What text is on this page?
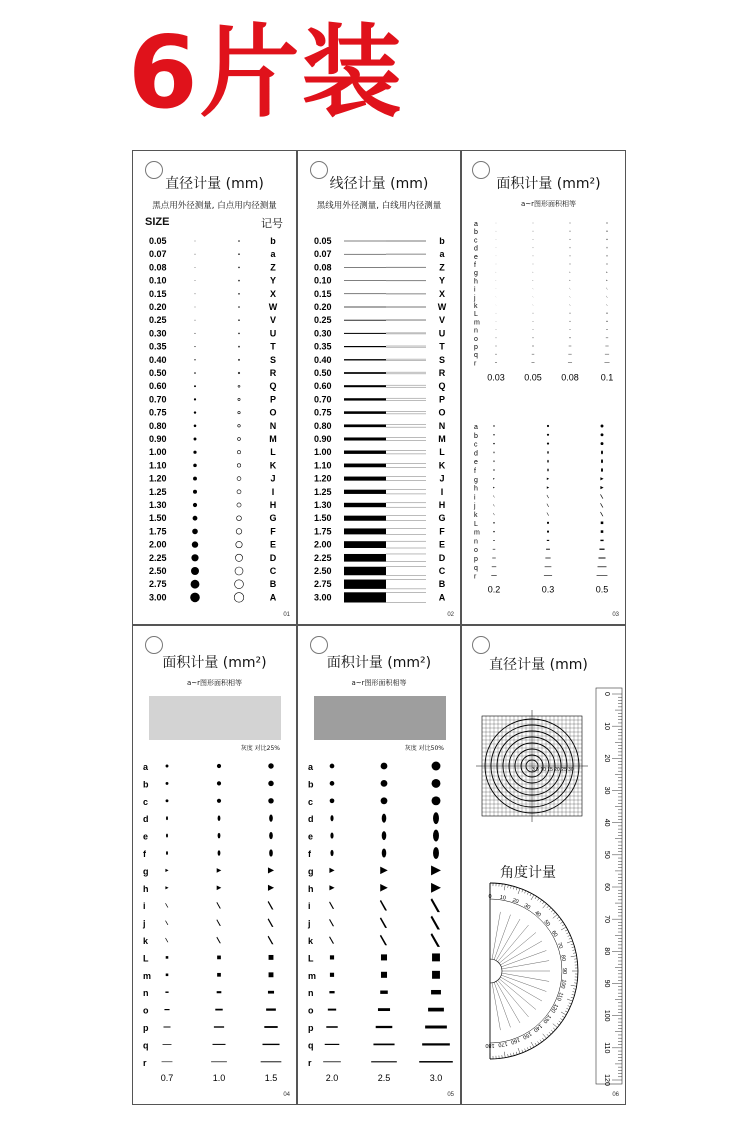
6片装
直径计量 (mm)
黑点用外径测量, 白点用内径测量
SIZE	记号
0.05	b
0.07	a
0.08	Z
0.10	Y
0.15	X
0.20	W
0.25	V
0.30	U
0.35	T
0.40	S
0.50	R
0.60	Q
0.70	P
0.75	O
0.80	N
0.90	M
1.00	L
1.10	K
1.20	J
1.25	I
1.30	H
1.50	G
1.75	F
2.00	E
2.25	D
2.50	C
2.75	B
3.00	A
01
线径计量 (mm)
黑线用外径测量, 白线用内径测量
0.05	b
0.07	a
0.08	Z
0.10	Y
0.15	X
0.20	W
0.25	V
0.30	U
0.35	T
0.40	S
0.50	R
0.60	Q
0.70	P
0.75	O
0.80	N
0.90	M
1.00	L
1.10	K
1.20	J
1.25	I
1.30	H
1.50	G
1.75	F
2.00	E
2.25	D
2.50	C
2.75	B
3.00	A
02
面积计量 (mm²)
a~r图形面积相等
a
b
c
d
e
f
g
h
i
j
k
L
m
n
o
p
q
r
0.03 0.05 0.08 0.1
a
b
c
d
e
f
g
h
i
j
k
L
m
n
o
p
q
r
0.2	0.3	0.5
03
面积计量 (mm²)
a~r图形面积相等
灰度 对比25%
a
b
c
d
e
f
g
h
i
j
k
L
m
n
o
p
q
r
0.7	1.0	1.5
04
面积计量 (mm²)
a~r图形面积相等
灰度 对比50%
a
b
c
d
e
f
g
h
i
j
k
L
m
n
o
p
q
r
2.0	2.5	3.0
05
直径计量 (mm)
角度计量
3.5 10 15 20 25 30
0
10
20
30
40
50
60
70
80
90
100
110
120
0 10 20
30
40
50
60
70
80
90
100
110
120
130
140
150
160
170
180
06
